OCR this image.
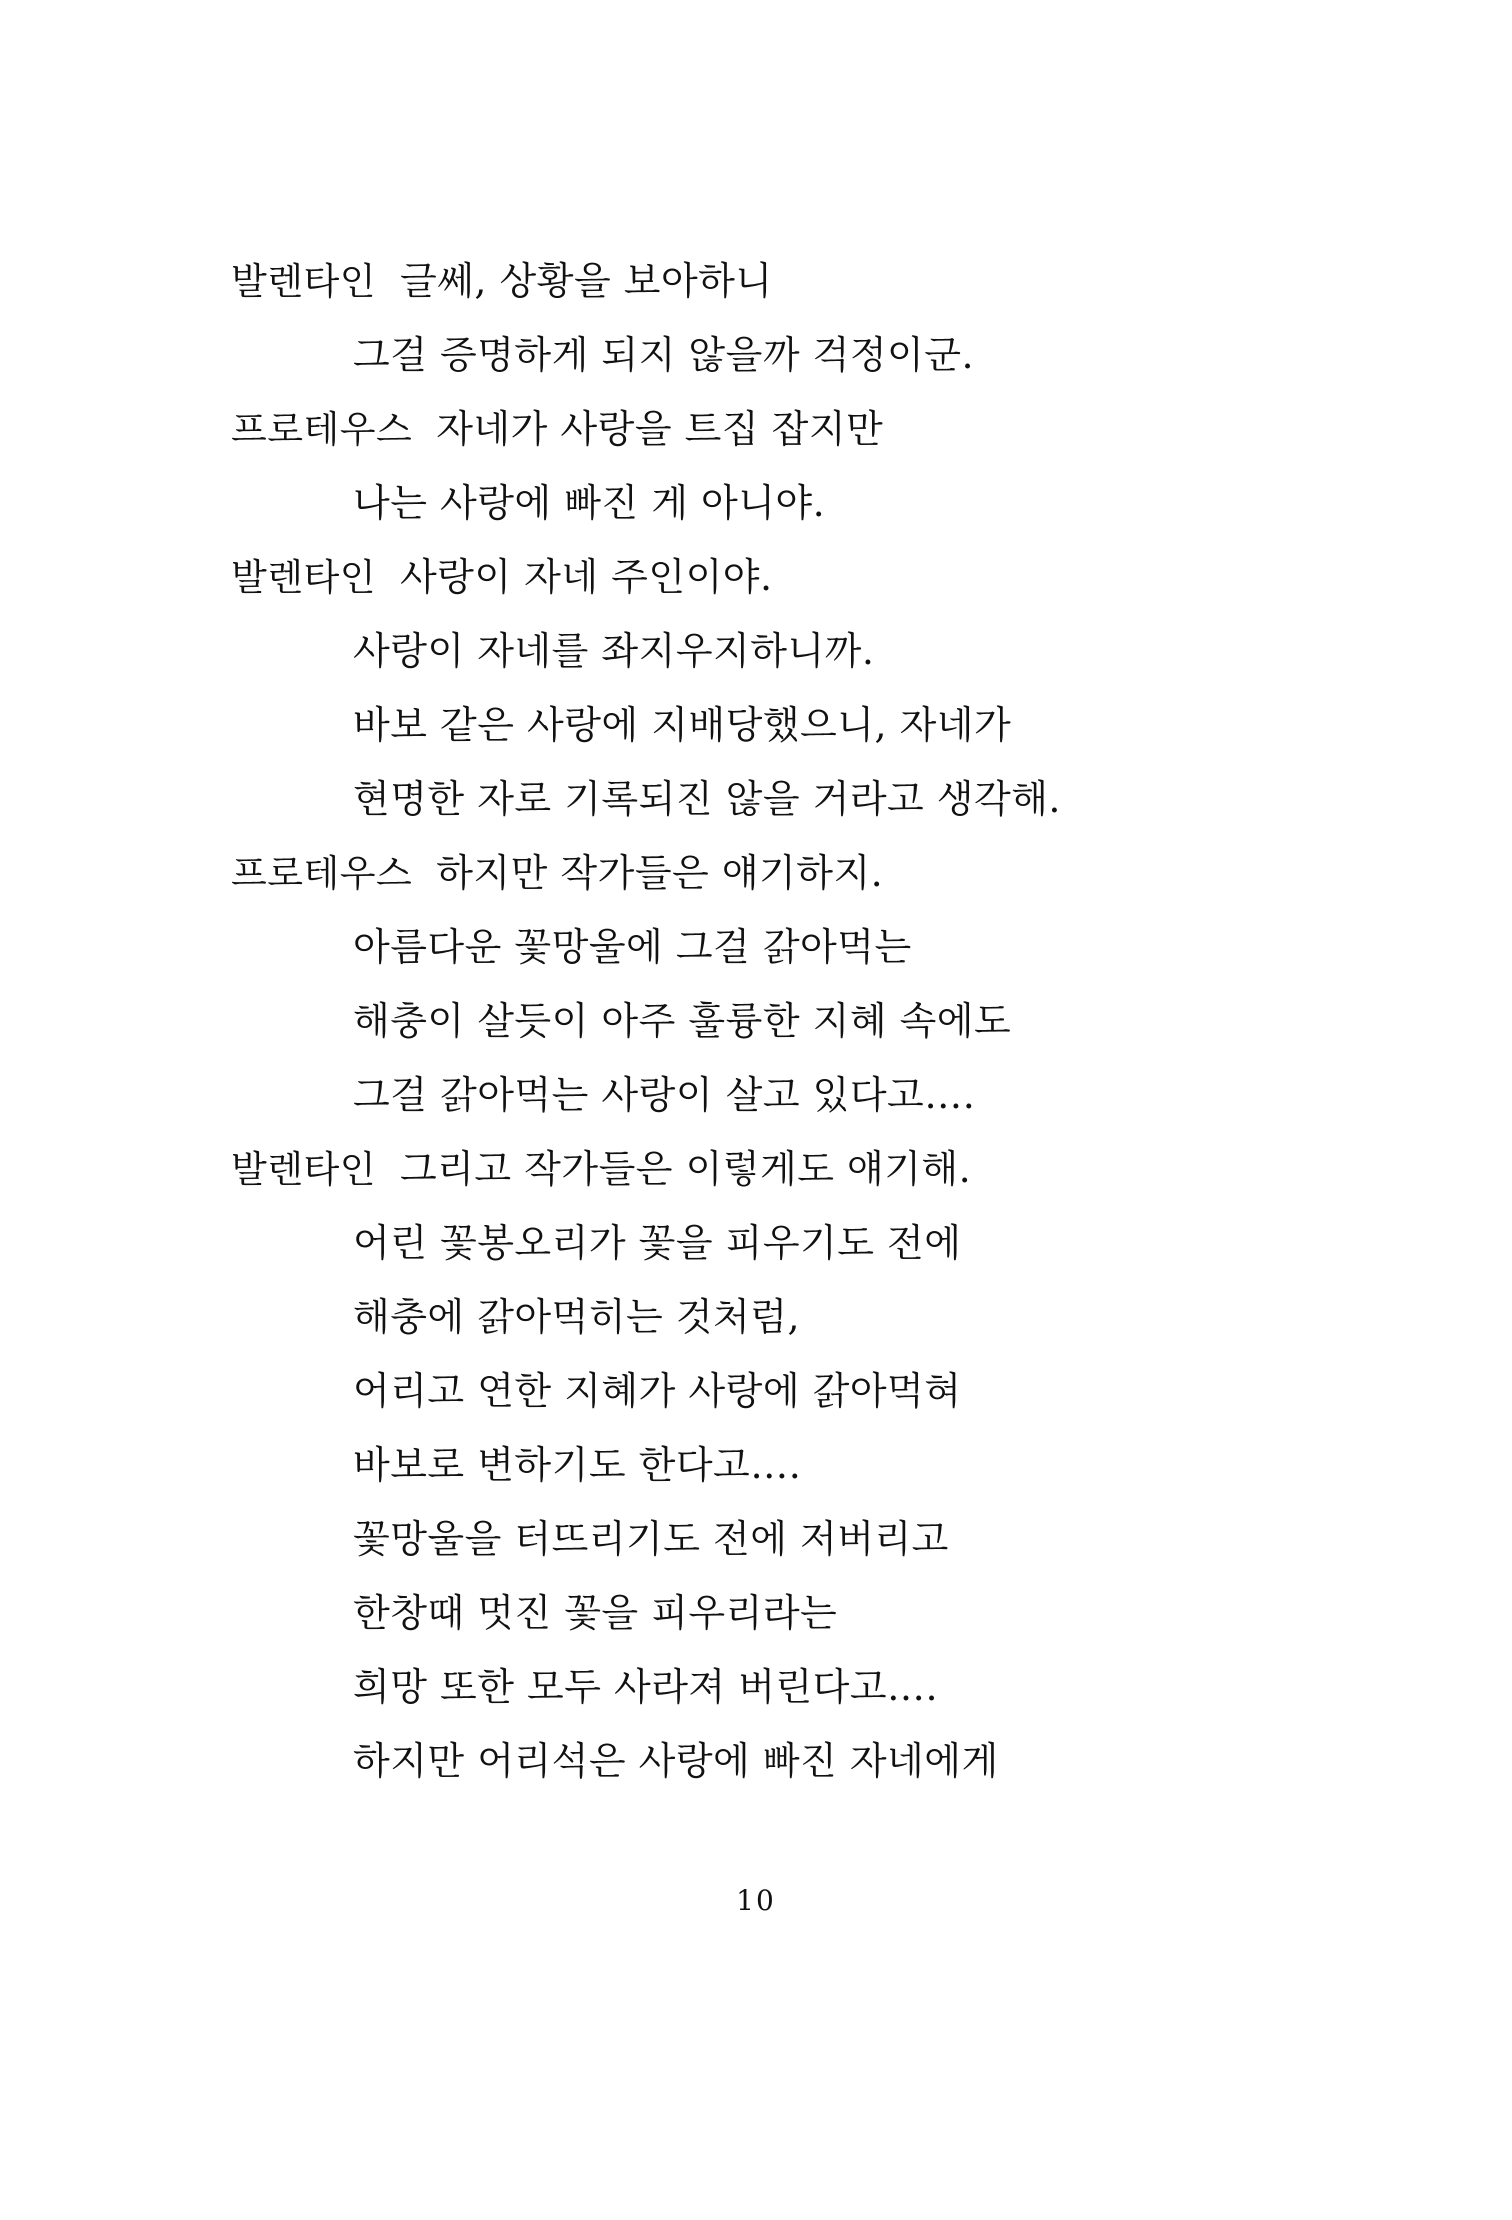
발렌타인 글쎄, 상황을 보아하니
그걸 증명하게 되지 않을까 걱정이군.
프로테우스 자네가 사랑을 트집 잡지만
나는 사랑에 빠진 게 아니야.
발렌타인 사랑이 자네 주인이야.
사랑이 자네를 좌지우지하니까.
바보 같은 사랑에 지배당했으니, 자네가
현명한 자로 기록되진 않을 거라고 생각해.
프로테우스 하지만 작가들은 얘기하지.
아름다운 꽃망울에 그걸 갉아먹는
해충이 살듯이 아주 훌륭한 지혜 속에도
그걸 갉아먹는 사랑이 살고 있다고….
발렌타인 그리고 작가들은 이렇게도 얘기해.
어린 꽃봉오리가 꽃을 피우기도 전에
해충에 갉아먹히는 것처럼,
어리고 연한 지혜가 사랑에 갉아먹혀
바보로 변하기도 한다고….
꽃망울을 터뜨리기도 전에 저버리고
한창때 멋진 꽃을 피우리라는
희망 또한 모두 사라져 버린다고….
하지만 어리석은 사랑에 빠진 자네에게
10
